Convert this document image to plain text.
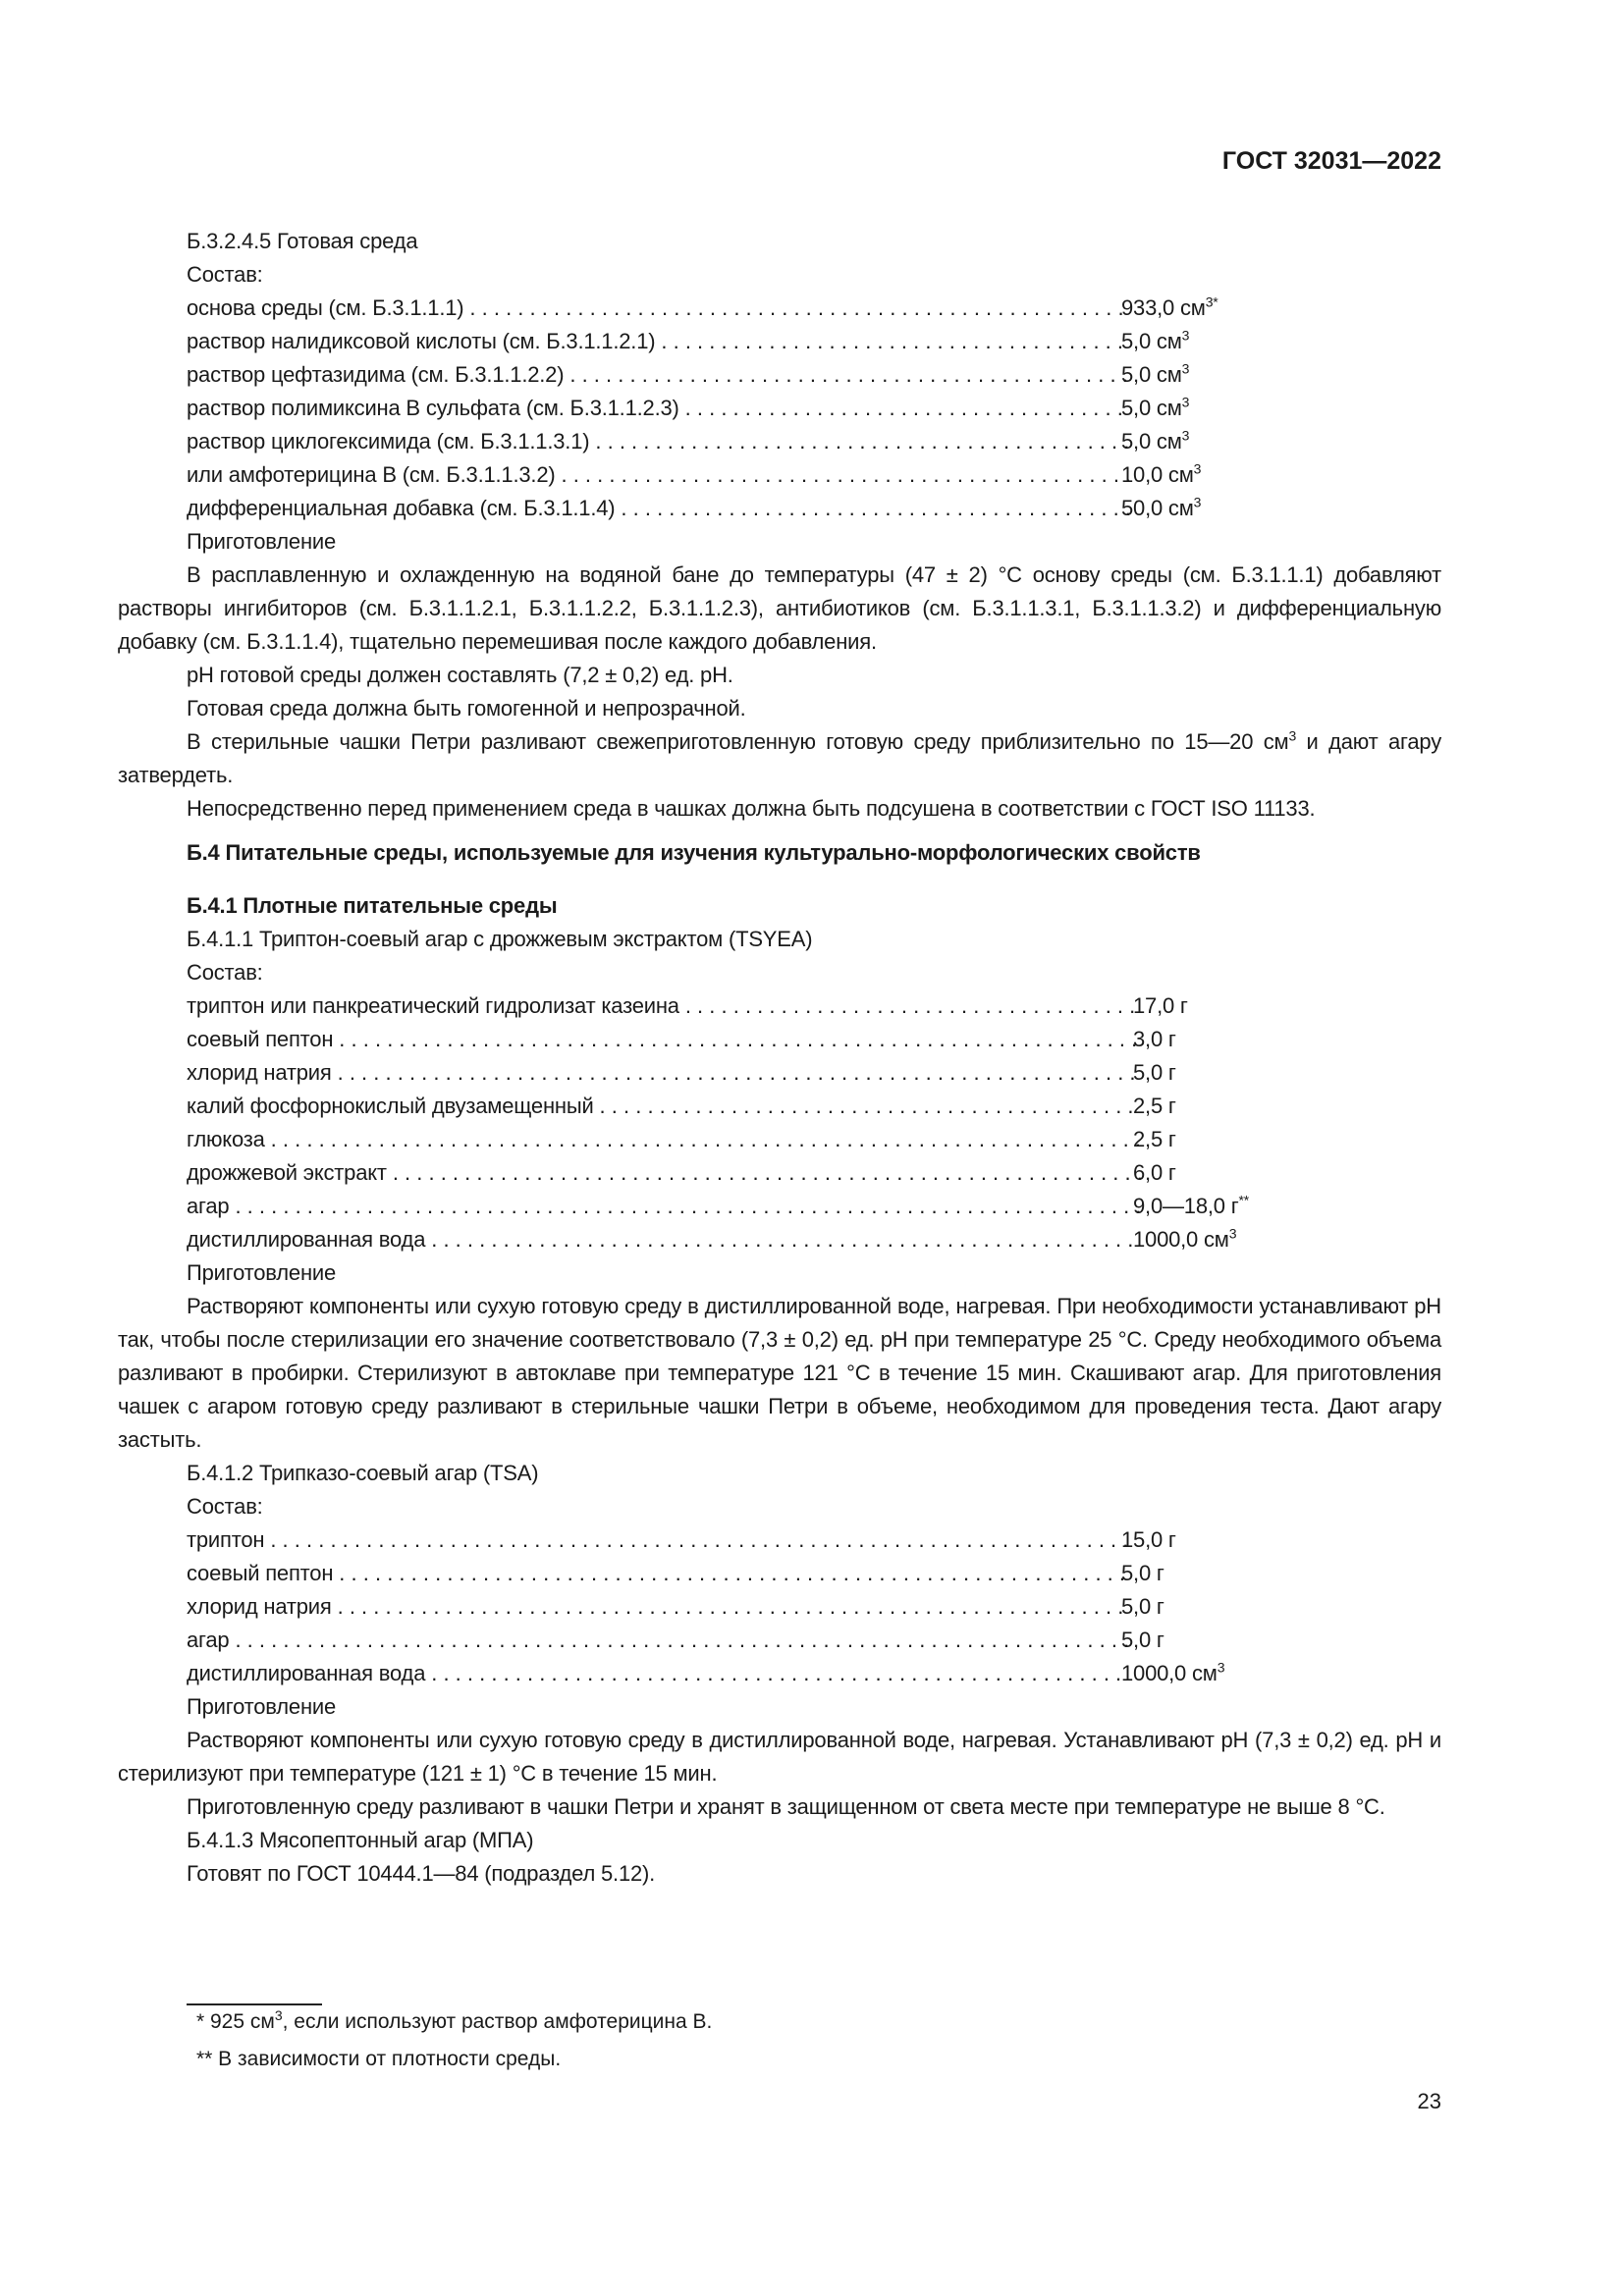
ГОСТ 32031—2022
Б.3.2.4.5 Готовая среда
Состав:
основа среды (см. Б.3.1.1.1) . . .	933,0 $см^{3*}$
раствор налидиксовой кислоты (см. Б.3.1.1.2.1) . . .	5,0 $см^3$
раствор цефтазидима (см. Б.3.1.1.2.2) . . .	5,0 $см^3$
раствор полимиксина В сульфата (см. Б.3.1.1.2.3) . . .	5,0 $см^3$
раствор циклогексимида (см. Б.3.1.1.3.1) . . .	5,0 $см^3$
или амфотерицина В (см. Б.3.1.1.3.2) . . .	10,0 $см^3$
дифференциальная добавка (см. Б.3.1.1.4) . . .	50,0 $см^3$
Приготовление

В расплавленную и охлажденную на водяной бане до температуры (47 ± 2) °С основу среды (см. Б.3.1.1.1) добавляют растворы ингибиторов (см. Б.3.1.1.2.1, Б.3.1.1.2.2, Б.3.1.1.2.3), антибиотиков (см. Б.3.1.1.3.1, Б.3.1.1.3.2) и дифференциальную добавку (см. Б.3.1.1.4), тщательно перемешивая после каждого добавления.

pH готовой среды должен составлять (7,2 ± 0,2) ед. pH.

Готовая среда должна быть гомогенной и непрозрачной.

В стерильные чашки Петри разливают свежеприготовленную готовую среду приблизительно по 15—20 $см^3$ и дают агару затвердеть.

Непосредственно перед применением среда в чашках должна быть подсушена в соответствии с ГОСТ ISO 11133.

Б.4 Питательные среды, используемые для изучения культурально-морфологических свойств
Б.4.1 Плотные питательные среды
Б.4.1.1 Триптон-соевый агар с дрожжевым экстрактом (TSYEA)
Состав:
триптон или панкреатический гидролизат казеина . . .	17,0 г
соевый пептон . . .	3,0 г
хлорид натрия . . .	5,0 г
калий фосфорнокислый двузамещенный . . .	2,5 г
глюкоза . . .	2,5 г
дрожжевой экстракт . . .	6,0 г
агар . . .	9,0—18,0 г**
дистиллированная вода . . .	1000,0 $см^3$
Приготовление

Растворяют компоненты или сухую готовую среду в дистиллированной воде, нагревая. При необходимости устанавливают pH так, чтобы после стерилизации его значение соответствовало (7,3 ± 0,2) ед. pH при температуре 25 °С. Среду необходимого объема разливают в пробирки. Стерилизуют в автоклаве при температуре 121 °С в течение 15 мин. Скашивают агар. Для приготовления чашек с агаром готовую среду разливают в стерильные чашки Петри в объеме, необходимом для проведения теста. Дают агару застыть.

Б.4.1.2 Трипказо-соевый агар (TSA)
Состав:
триптон . . .	15,0 г
соевый пептон . . .	5,0 г
хлорид натрия . . .	5,0 г
агар . . .	5,0 г
дистиллированная вода . . .	1000,0 $см^3$
Приготовление

Растворяют компоненты или сухую готовую среду в дистиллированной воде, нагревая. Устанавливают pH (7,3 ± 0,2) ед. pH и стерилизуют при температуре (121 ± 1) °С в течение 15 мин.

Приготовленную среду разливают в чашки Петри и хранят в защищенном от света месте при температуре не выше 8 °С.

Б.4.1.3 Мясопептонный агар (МПА)
Готовят по ГОСТ 10444.1—84 (подраздел 5.12).
* 925 $см^3$, если используют раствор амфотерицина В.
** В зависимости от плотности среды.
23
